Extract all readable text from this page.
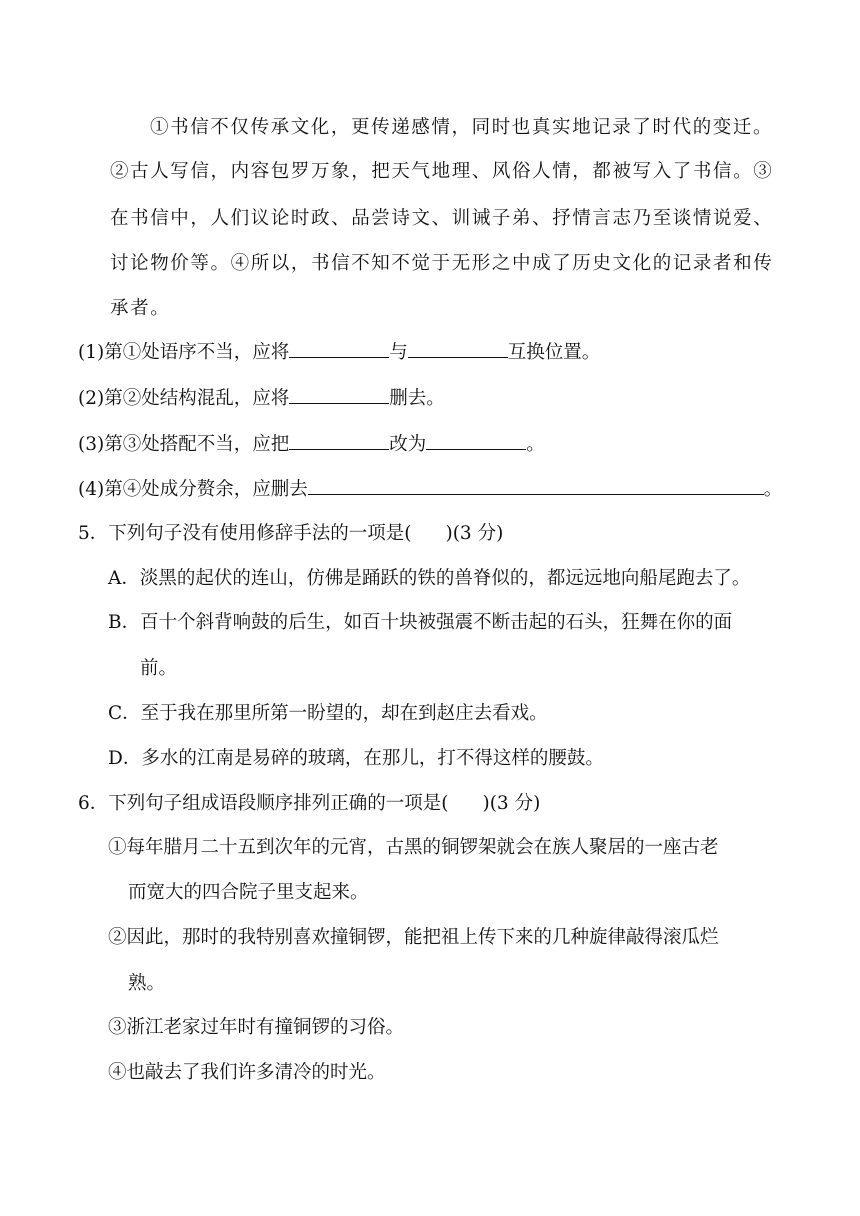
①书信不仅传承文化，更传递感情，同时也真实地记录了时代的变迁。
②古人写信，内容包罗万象，把天气地理、风俗人情，都被写入了书信。③
在书信中，人们议论时政、品尝诗文、训诫子弟、抒情言志乃至谈情说爱、
讨论物价等。④所以，书信不知不觉于无形之中成了历史文化的记录者和传
承者。
(1)第①处语序不当，应将	与	互换位置。
(2)第②处结构混乱，应将	删去。
(3)第③处搭配不当，应把	改为	。
(4)第④处成分赘余，应删去	。
5．下列句子没有使用修辞手法的一项是( )(3 分)
A．淡黑的起伏的连山，仿佛是踊跃的铁的兽脊似的，都远远地向船尾跑去了。
B．百十个斜背响鼓的后生，如百十块被强震不断击起的石头，狂舞在你的面
前。
C．至于我在那里所第一盼望的，却在到赵庄去看戏。
D．多水的江南是易碎的玻璃，在那儿，打不得这样的腰鼓。
6．下列句子组成语段顺序排列正确的一项是( )(3 分)
①每年腊月二十五到次年的元宵，古黑的铜锣架就会在族人聚居的一座古老
而宽大的四合院子里支起来。
②因此，那时的我特别喜欢撞铜锣，能把祖上传下来的几种旋律敲得滚瓜烂
熟。
③浙江老家过年时有撞铜锣的习俗。
④也敲去了我们许多清冷的时光。
